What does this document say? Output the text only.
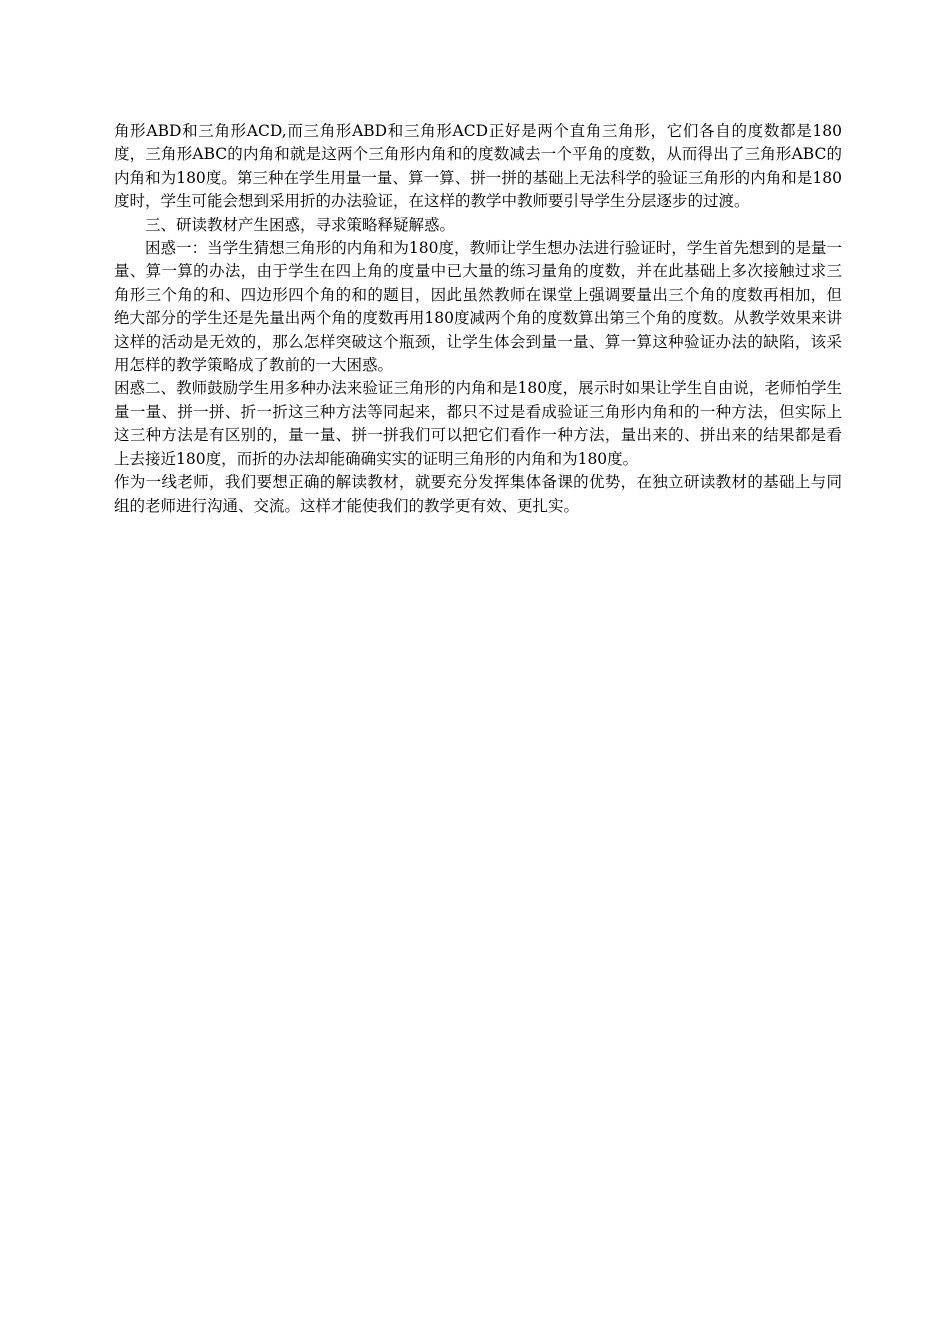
角形ABD和三角形ACD,而三角形ABD和三角形ACD正好是两个直角三角形，它们各自的度数都是180度，三角形ABC的内角和就是这两个三角形内角和的度数减去一个平角的度数，从而得出了三角形ABC的内角和为180度。第三种在学生用量一量、算一算、拼一拼的基础上无法科学的验证三角形的内角和是180度时，学生可能会想到采用折的办法验证，在这样的教学中教师要引导学生分层逐步的过渡。

三、研读教材产生困惑，寻求策略释疑解惑。

困惑一：当学生猜想三角形的内角和为180度，教师让学生想办法进行验证时，学生首先想到的是量一量、算一算的办法，由于学生在四上角的度量中已大量的练习量角的度数，并在此基础上多次接触过求三角形三个角的和、四边形四个角的和的题目，因此虽然教师在课堂上强调要量出三个角的度数再相加，但绝大部分的学生还是先量出两个角的度数再用180度减两个角的度数算出第三个角的度数。从教学效果来讲这样的活动是无效的，那么怎样突破这个瓶颈，让学生体会到量一量、算一算这种验证办法的缺陷，该采用怎样的教学策略成了教前的一大困惑。

困惑二、教师鼓励学生用多种办法来验证三角形的内角和是180度，展示时如果让学生自由说，老师怕学生量一量、拼一拼、折一折这三种方法等同起来，都只不过是看成验证三角形内角和的一种方法，但实际上这三种方法是有区别的，量一量、拼一拼我们可以把它们看作一种方法，量出来的、拼出来的结果都是看上去接近180度，而折的办法却能确确实实的证明三角形的内角和为180度。

作为一线老师，我们要想正确的解读教材，就要充分发挥集体备课的优势，在独立研读教材的基础上与同组的老师进行沟通、交流。这样才能使我们的教学更有效、更扎实。
